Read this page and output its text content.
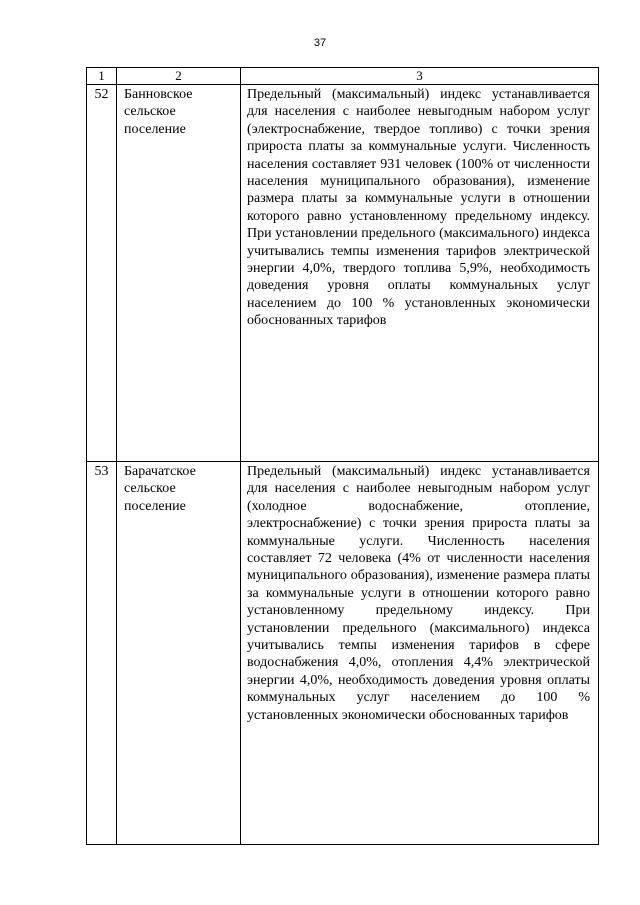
37
1	2	3
52	Банновское сельское поселение	Предельный (максимальный) индекс устанавливается для населения с наиболее невыгодным набором услуг (электроснабжение, твердое топливо) с точки зрения прироста платы за коммунальные услуги. Численность населения составляет 931 человек (100% от численности населения муниципального образования), изменение размера платы за коммунальные услуги в отношении которого равно установленному предельному индексу. При установлении предельного (максимального) индекса учитывались темпы изменения тарифов электрической энергии 4,0%, твердого топлива 5,9%, необходимость доведения уровня оплаты коммунальных услуг населением до 100 % установленных экономически обоснованных тарифов
53	Барачатское сельское поселение	Предельный (максимальный) индекс устанавливается для населения с наиболее невыгодным набором услуг (холодное водоснабжение, отопление, электроснабжение) с точки зрения прироста платы за коммунальные услуги. Численность населения составляет 72 человека (4% от численности населения муниципального образования), изменение размера платы за коммунальные услуги в отношении которого равно установленному предельному индексу. При установлении предельного (максимального) индекса учитывались темпы изменения тарифов в сфере водоснабжения 4,0%, отопления 4,4% электрической энергии 4,0%, необходимость доведения уровня оплаты коммунальных услуг населением до 100 % установленных экономически обоснованных тарифов
